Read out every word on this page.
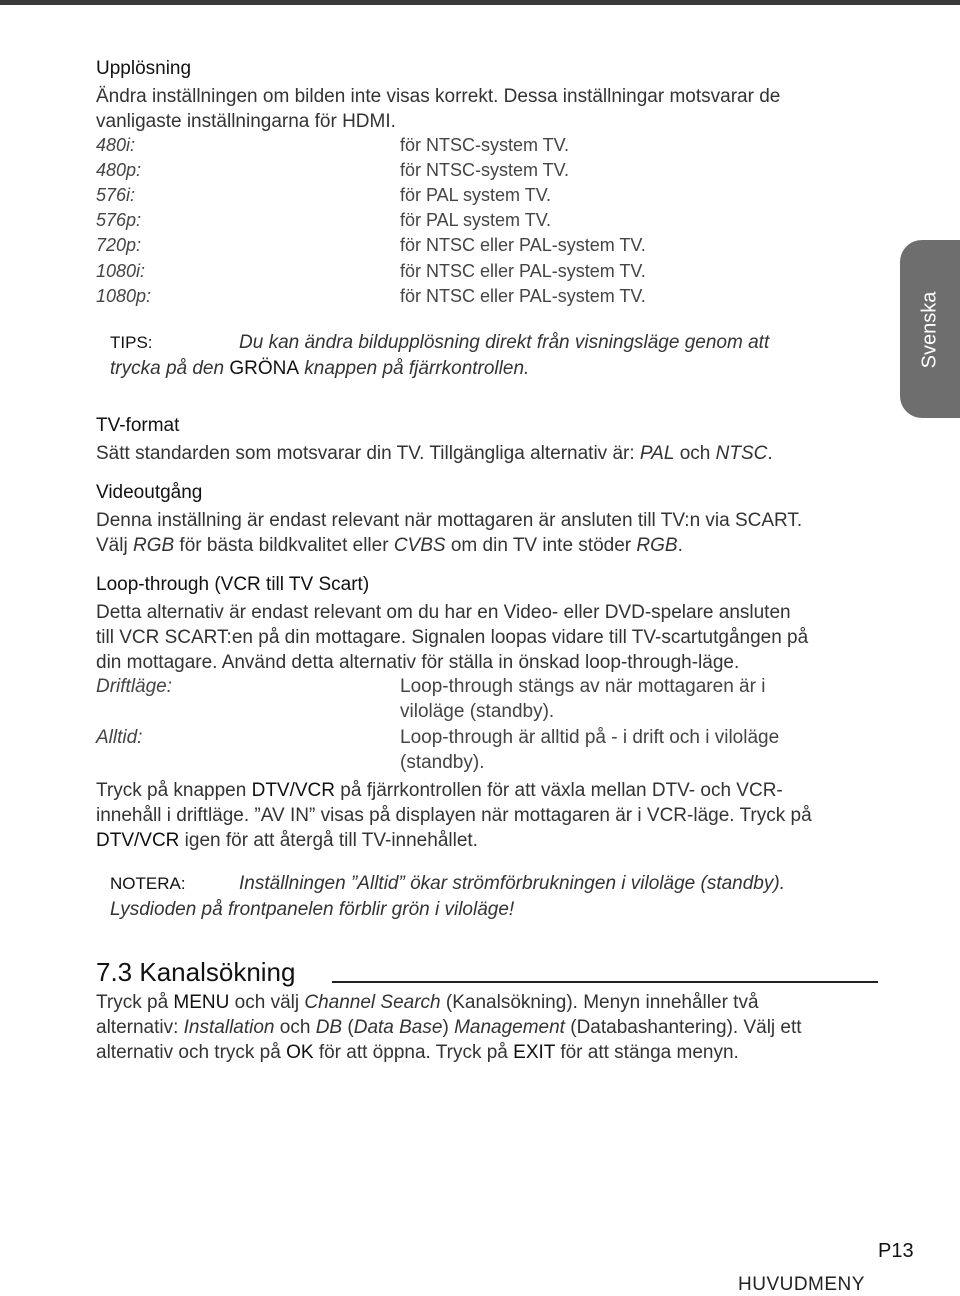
Svenska
Upplösning
Ändra inställningen om bilden inte visas korrekt. Dessa inställningar motsvarar de
vanligaste inställningarna för HDMI.
480i:	för NTSC-system TV.
480p:	för NTSC-system TV.
576i:	för PAL system TV.
576p:	för PAL system TV.
720p:	för NTSC eller PAL-system TV.
1080i:	för NTSC eller PAL-system TV.
1080p:	för NTSC eller PAL-system TV.
TIPS:	Du kan ändra bildupplösning direkt från visningsläge genom att
trycka på den GRÖNA knappen på fjärrkontrollen.
TV-format
Sätt standarden som motsvarar din TV. Tillgängliga alternativ är: PAL och NTSC.
Videoutgång
Denna inställning är endast relevant när mottagaren är ansluten till TV:n via SCART.
Välj RGB för bästa bildkvalitet eller CVBS om din TV inte stöder RGB.
Loop-through (VCR till TV Scart)
Detta alternativ är endast relevant om du har en Video- eller DVD-spelare ansluten
till VCR SCART:en på din mottagare. Signalen loopas vidare till TV-scartutgången på
din mottagare. Använd detta alternativ för ställa in önskad loop-through-läge.
Driftläge:	Loop-through stängs av när mottagaren är i
viloläge (standby).
Alltid:	Loop-through är alltid på - i drift och i viloläge
(standby).
Tryck på knappen DTV/VCR på fjärrkontrollen för att växla mellan DTV- och VCR-
innehåll i driftläge. ”AV IN” visas på displayen när mottagaren är i VCR-läge. Tryck på
DTV/VCR igen för att återgå till TV-innehållet.
NOTERA:	Inställningen ”Alltid” ökar strömförbrukningen i viloläge (standby).
Lysdioden på frontpanelen förblir grön i viloläge!
7.3 Kanalsökning
Tryck på MENU och välj Channel Search (Kanalsökning). Menyn innehåller två
alternativ: Installation och DB (Data Base) Management (Databashantering). Välj ett
alternativ och tryck på OK för att öppna. Tryck på EXIT för att stänga menyn.
P13
HUVUDMENY
